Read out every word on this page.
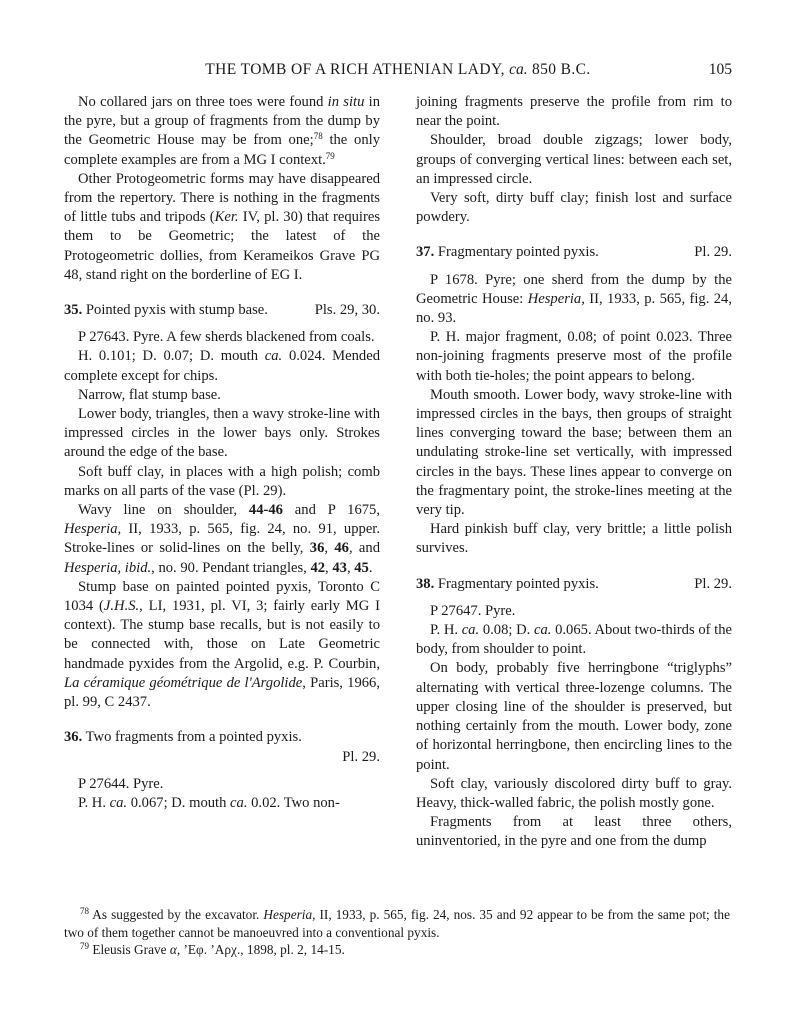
THE TOMB OF A RICH ATHENIAN LADY, ca. 850 B.C.	105

No collared jars on three toes were found in situ in the pyre, but a group of fragments from the dump by the Geometric House may be from one;$^{78}$ the only complete examples are from a MG I context.$^{79}$

Other Protogeometric forms may have disappeared from the repertory. There is nothing in the fragments of little tubs and tripods (Ker. IV, pl. 30) that requires them to be Geometric; the latest of the Protogeometric dollies, from Kerameikos Grave PG 48, stand right on the borderline of EG I.

35. Pointed pyxis with stump base.	Pls. 29, 30.

P 27643. Pyre. A few sherds blackened from coals.

H. 0.101; D. 0.07; D. mouth ca. 0.024. Mended complete except for chips.

Narrow, flat stump base.

Lower body, triangles, then a wavy stroke-line with impressed circles in the lower bays only. Strokes around the edge of the base.

Soft buff clay, in places with a high polish; comb marks on all parts of the vase (Pl. 29).

Wavy line on shoulder, 44-46 and P 1675, Hesperia, II, 1933, p. 565, fig. 24, no. 91, upper. Stroke-lines or solid-lines on the belly, 36, 46, and Hesperia, ibid., no. 90. Pendant triangles, 42, 43, 45.

Stump base on painted pointed pyxis, Toronto C 1034 (J.H.S., LI, 1931, pl. VI, 3; fairly early MG I context). The stump base recalls, but is not easily to be connected with, those on Late Geometric handmade pyxides from the Argolid, e.g. P. Courbin, La céramique géométrique de l'Argolide, Paris, 1966, pl. 99, C 2437.

36. Two fragments from a pointed pyxis.
Pl. 29.

P 27644. Pyre.

P. H. ca. 0.067; D. mouth ca. 0.02. Two non-

joining fragments preserve the profile from rim to near the point.

Shoulder, broad double zigzags; lower body, groups of converging vertical lines: between each set, an impressed circle.

Very soft, dirty buff clay; finish lost and surface powdery.

37. Fragmentary pointed pyxis.	Pl. 29.

P 1678. Pyre; one sherd from the dump by the Geometric House: Hesperia, II, 1933, p. 565, fig. 24, no. 93.

P. H. major fragment, 0.08; of point 0.023. Three non-joining fragments preserve most of the profile with both tie-holes; the point appears to belong.

Mouth smooth. Lower body, wavy stroke-line with impressed circles in the bays, then groups of straight lines converging toward the base; between them an undulating stroke-line set vertically, with impressed circles in the bays. These lines appear to converge on the fragmentary point, the stroke-lines meeting at the very tip.

Hard pinkish buff clay, very brittle; a little polish survives.

38. Fragmentary pointed pyxis.	Pl. 29.

P 27647. Pyre.

P. H. ca. 0.08; D. ca. 0.065. About two-thirds of the body, from shoulder to point.

On body, probably five herringbone “triglyphs” alternating with vertical three-lozenge columns. The upper closing line of the shoulder is preserved, but nothing certainly from the mouth. Lower body, zone of horizontal herringbone, then encircling lines to the point.

Soft clay, variously discolored dirty buff to gray. Heavy, thick-walled fabric, the polish mostly gone.

Fragments from at least three others, uninventoried, in the pyre and one from the dump

$^{78}$ As suggested by the excavator. Hesperia, II, 1933, p. 565, fig. 24, nos. 35 and 92 appear to be from the same pot; the two of them together cannot be manoeuvred into a conventional pyxis.

$^{79}$ Eleusis Grave α, ’Εφ. ’Αρχ., 1898, pl. 2, 14-15.
